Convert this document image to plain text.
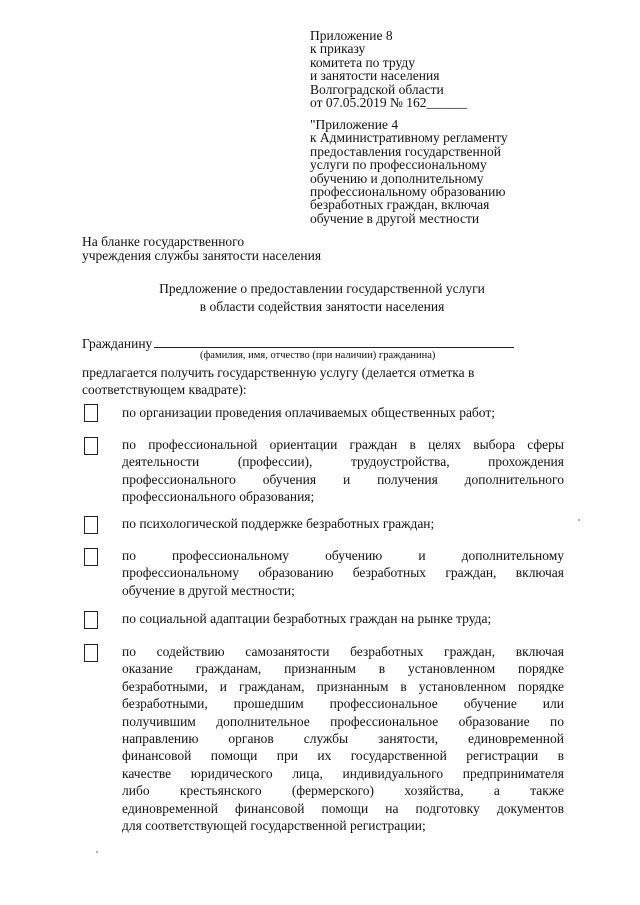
Приложение 8
к приказу
комитета по труду
и занятости населения
Волгоградской области
от 07.05.2019 № 162______
"Приложение 4
к Административному регламенту
предоставления государственной
услуги по профессиональному
обучению и дополнительному
профессиональному образованию
безработных граждан, включая
обучение в другой местности
На бланке государственного
учреждения службы занятости населения
Предложение о предоставлении государственной услуги
в области содействия занятости населения
Гражданину
(фамилия, имя, отчество (при наличии) гражданина)
предлагается получить государственную услугу (делается отметка в соответствующем квадрате):
по организации проведения оплачиваемых общественных работ;
по профессиональной ориентации граждан в целях выбора сферы
деятельности (профессии), трудоустройства, прохождения
профессионального обучения и получения дополнительного
профессионального образования;
по психологической поддержке безработных граждан;
по профессиональному обучению и дополнительному
профессиональному образованию безработных граждан, включая
обучение в другой местности;
по социальной адаптации безработных граждан на рынке труда;
по содействию самозанятости безработных граждан, включая
оказание гражданам, признанным в установленном порядке
безработными, и гражданам, признанным в установленном порядке
безработными, прошедшим профессиональное обучение или
получившим дополнительное профессиональное образование по
направлению органов службы занятости, единовременной
финансовой помощи при их государственной регистрации в
качестве юридического лица, индивидуального предпринимателя
либо крестьянского (фермерского) хозяйства, а также
единовременной финансовой помощи на подготовку документов
для соответствующей государственной регистрации;
